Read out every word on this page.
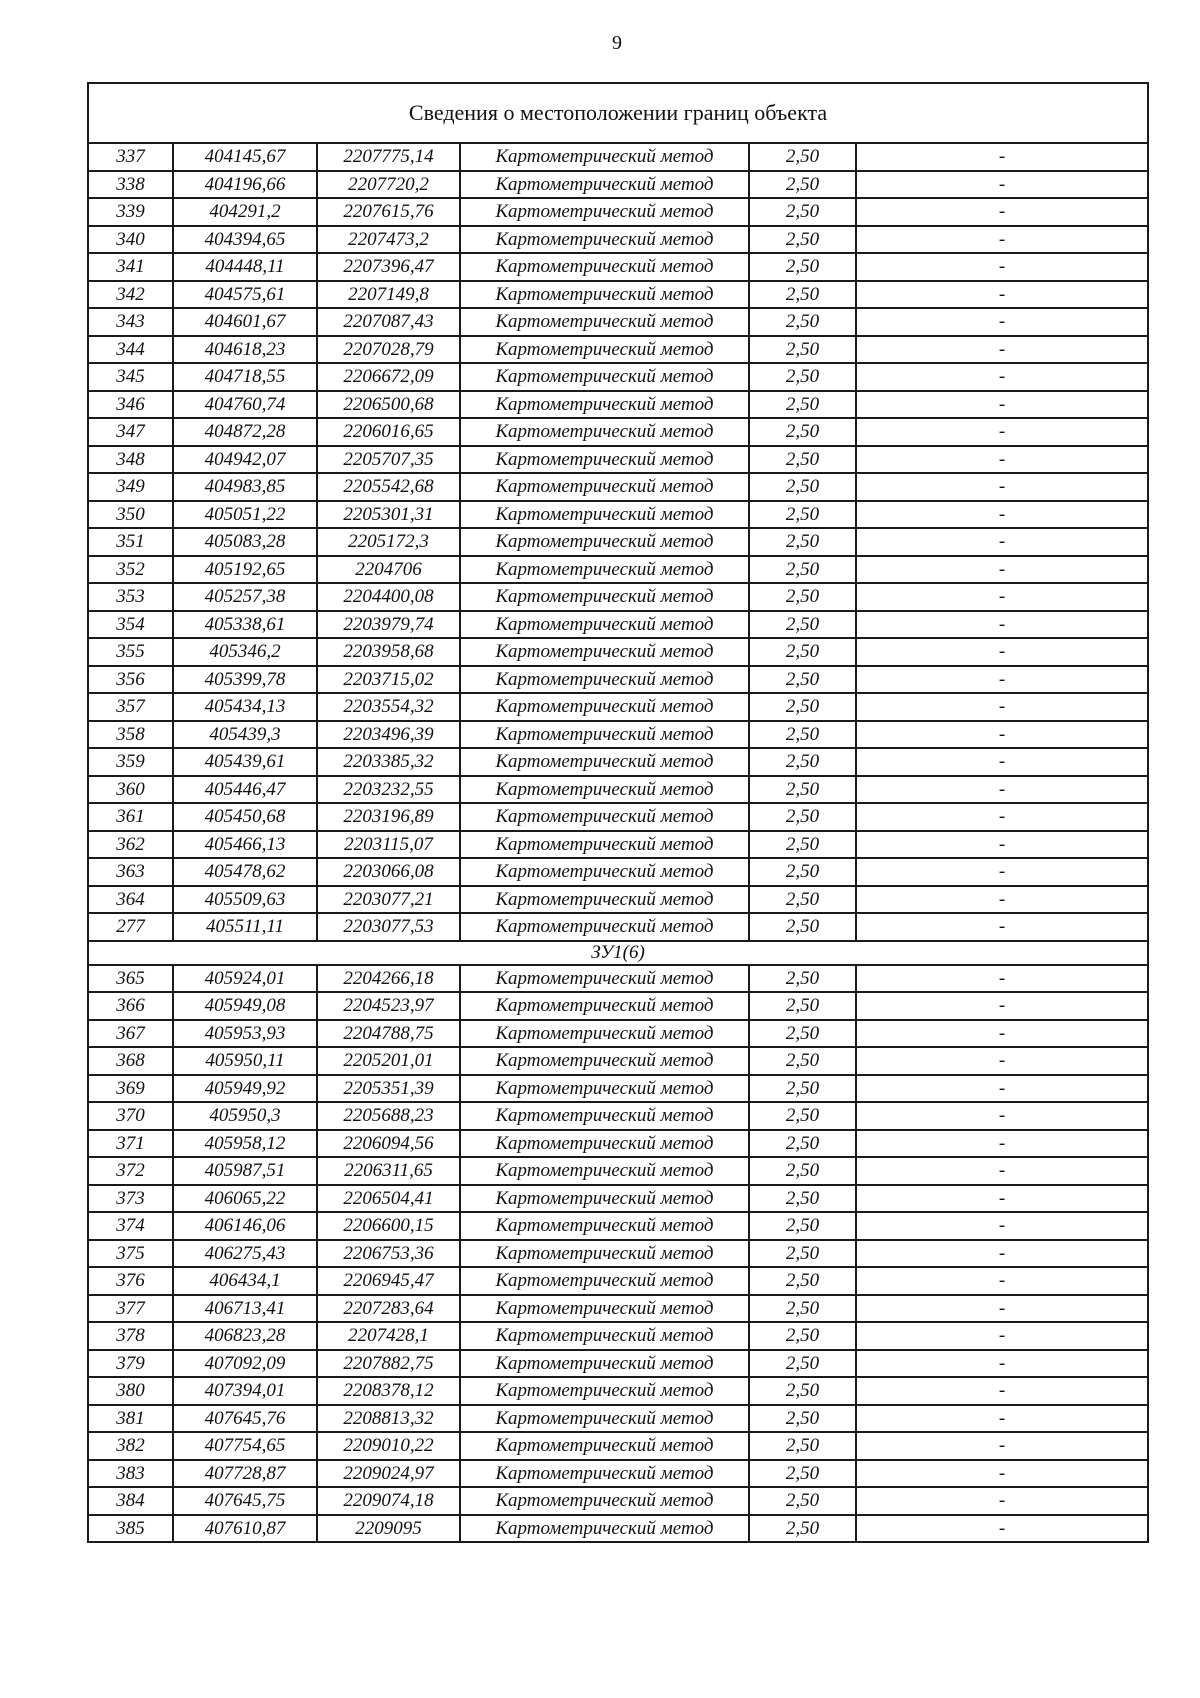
9
Сведения о местоположении границ объекта					
337	404145,67	2207775,14	Картометрический метод	2,50	-
338	404196,66	2207720,2	Картометрический метод	2,50	-
339	404291,2	2207615,76	Картометрический метод	2,50	-
340	404394,65	2207473,2	Картометрический метод	2,50	-
341	404448,11	2207396,47	Картометрический метод	2,50	-
342	404575,61	2207149,8	Картометрический метод	2,50	-
343	404601,67	2207087,43	Картометрический метод	2,50	-
344	404618,23	2207028,79	Картометрический метод	2,50	-
345	404718,55	2206672,09	Картометрический метод	2,50	-
346	404760,74	2206500,68	Картометрический метод	2,50	-
347	404872,28	2206016,65	Картометрический метод	2,50	-
348	404942,07	2205707,35	Картометрический метод	2,50	-
349	404983,85	2205542,68	Картометрический метод	2,50	-
350	405051,22	2205301,31	Картометрический метод	2,50	-
351	405083,28	2205172,3	Картометрический метод	2,50	-
352	405192,65	2204706	Картометрический метод	2,50	-
353	405257,38	2204400,08	Картометрический метод	2,50	-
354	405338,61	2203979,74	Картометрический метод	2,50	-
355	405346,2	2203958,68	Картометрический метод	2,50	-
356	405399,78	2203715,02	Картометрический метод	2,50	-
357	405434,13	2203554,32	Картометрический метод	2,50	-
358	405439,3	2203496,39	Картометрический метод	2,50	-
359	405439,61	2203385,32	Картометрический метод	2,50	-
360	405446,47	2203232,55	Картометрический метод	2,50	-
361	405450,68	2203196,89	Картометрический метод	2,50	-
362	405466,13	2203115,07	Картометрический метод	2,50	-
363	405478,62	2203066,08	Картометрический метод	2,50	-
364	405509,63	2203077,21	Картометрический метод	2,50	-
277	405511,11	2203077,53	Картометрический метод	2,50	-
ЗУ1(6)					
365	405924,01	2204266,18	Картометрический метод	2,50	-
366	405949,08	2204523,97	Картометрический метод	2,50	-
367	405953,93	2204788,75	Картометрический метод	2,50	-
368	405950,11	2205201,01	Картометрический метод	2,50	-
369	405949,92	2205351,39	Картометрический метод	2,50	-
370	405950,3	2205688,23	Картометрический метод	2,50	-
371	405958,12	2206094,56	Картометрический метод	2,50	-
372	405987,51	2206311,65	Картометрический метод	2,50	-
373	406065,22	2206504,41	Картометрический метод	2,50	-
374	406146,06	2206600,15	Картометрический метод	2,50	-
375	406275,43	2206753,36	Картометрический метод	2,50	-
376	406434,1	2206945,47	Картометрический метод	2,50	-
377	406713,41	2207283,64	Картометрический метод	2,50	-
378	406823,28	2207428,1	Картометрический метод	2,50	-
379	407092,09	2207882,75	Картометрический метод	2,50	-
380	407394,01	2208378,12	Картометрический метод	2,50	-
381	407645,76	2208813,32	Картометрический метод	2,50	-
382	407754,65	2209010,22	Картометрический метод	2,50	-
383	407728,87	2209024,97	Картометрический метод	2,50	-
384	407645,75	2209074,18	Картометрический метод	2,50	-
385	407610,87	2209095	Картометрический метод	2,50	-
